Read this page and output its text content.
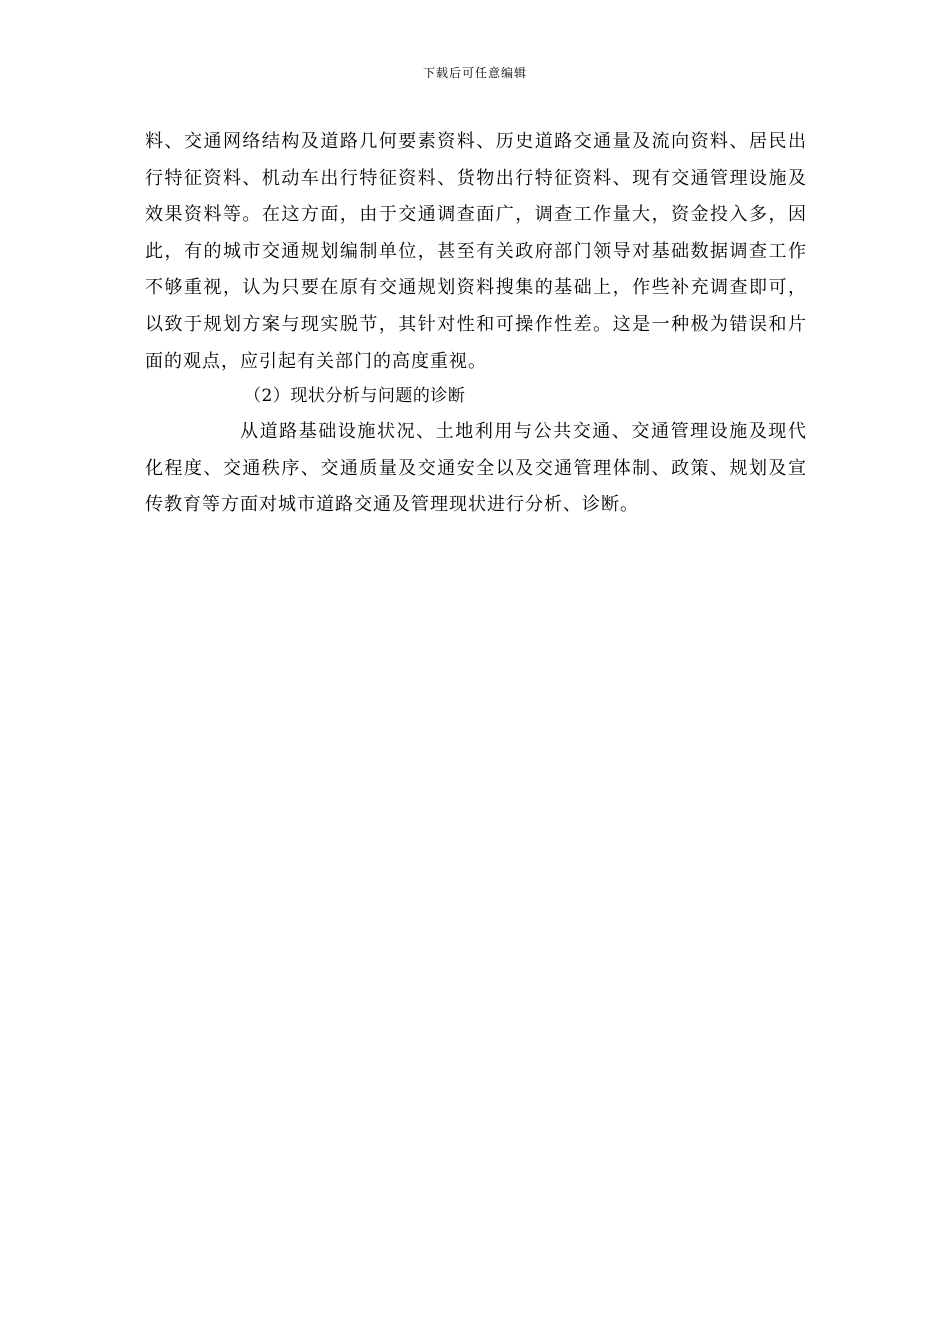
下载后可任意编辑
料、交通网络结构及道路几何要素资料、历史道路交通量及流向资料、居民出行特征资料、机动车出行特征资料、货物出行特征资料、现有交通管理设施及效果资料等。在这方面，由于交通调查面广，调查工作量大，资金投入多，因此，有的城市交通规划编制单位，甚至有关政府部门领导对基础数据调查工作不够重视，认为只要在原有交通规划资料搜集的基础上，作些补充调查即可，以致于规划方案与现实脱节，其针对性和可操作性差。这是一种极为错误和片面的观点，应引起有关部门的高度重视。
（2）现状分析与问题的诊断
从道路基础设施状况、土地利用与公共交通、交通管理设施及现代化程度、交通秩序、交通质量及交通安全以及交通管理体制、政策、规划及宣传教育等方面对城市道路交通及管理现状进行分析、诊断。
